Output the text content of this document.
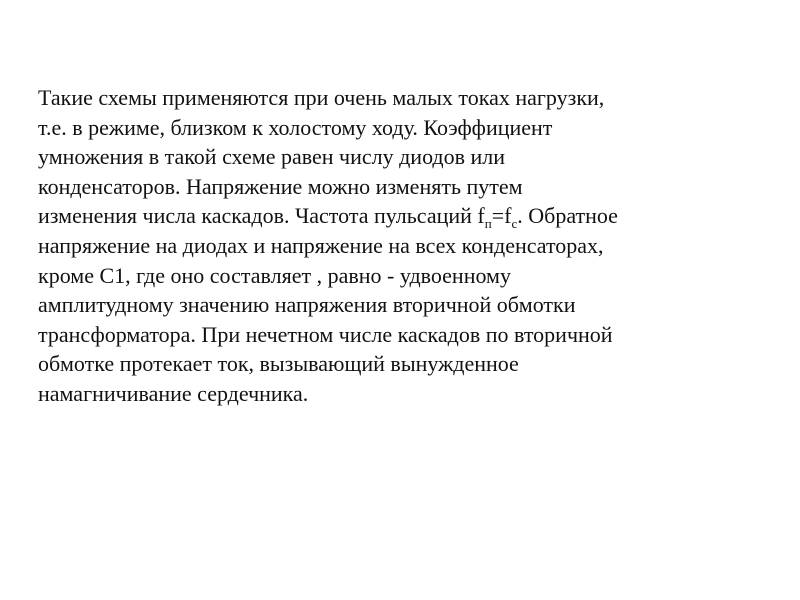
Такие схемы применяются при очень малых токах нагрузки,
т.е. в режиме, близком к холостому ходу. Коэффициент
умножения в такой схеме равен числу диодов или
конденсаторов. Напряжение можно изменять путем
изменения числа каскадов. Частота пульсаций $f_п=f_c$. Обратное
напряжение на диодах и напряжение на всех конденсаторах,
кроме C1, где оно составляет , равно - удвоенному
амплитудному значению напряжения вторичной обмотки
трансформатора. При нечетном числе каскадов по вторичной
обмотке протекает ток, вызывающий вынужденное
намагничивание сердечника.
